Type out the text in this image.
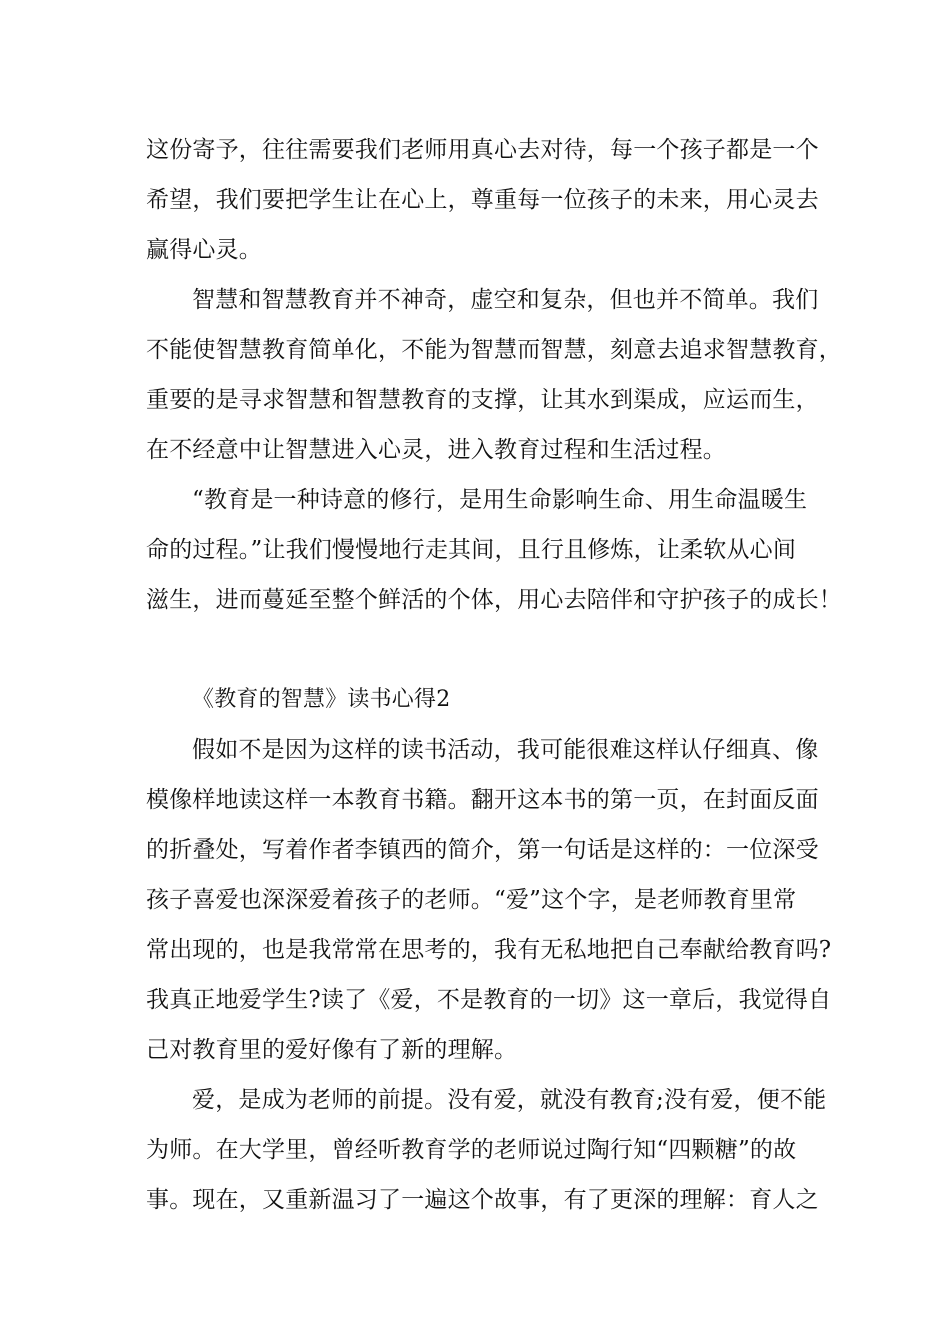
这份寄予，往往需要我们老师用真心去对待，每一个孩子都是一个
希望，我们要把学生让在心上，尊重每一位孩子的未来，用心灵去
赢得心灵。
智慧和智慧教育并不神奇，虚空和复杂，但也并不简单。我们
不能使智慧教育简单化，不能为智慧而智慧，刻意去追求智慧教育，
重要的是寻求智慧和智慧教育的支撑，让其水到渠成，应运而生，
在不经意中让智慧进入心灵，进入教育过程和生活过程。
“教育是一种诗意的修行，是用生命影响生命、用生命温暖生
命的过程。”让我们慢慢地行走其间，且行且修炼，让柔软从心间
滋生，进而蔓延至整个鲜活的个体，用心去陪伴和守护孩子的成长！
《教育的智慧》读书心得2
假如不是因为这样的读书活动，我可能很难这样认仔细真、像
模像样地读这样一本教育书籍。翻开这本书的第一页，在封面反面
的折叠处，写着作者李镇西的简介，第一句话是这样的：一位深受
孩子喜爱也深深爱着孩子的老师。“爱”这个字，是老师教育里常
常出现的，也是我常常在思考的，我有无私地把自己奉献给教育吗?
我真正地爱学生?读了《爱，不是教育的一切》这一章后，我觉得自
己对教育里的爱好像有了新的理解。
爱，是成为老师的前提。没有爱，就没有教育;没有爱，便不能
为师。在大学里，曾经听教育学的老师说过陶行知“四颗糖”的故
事。现在，又重新温习了一遍这个故事，有了更深的理解：育人之
